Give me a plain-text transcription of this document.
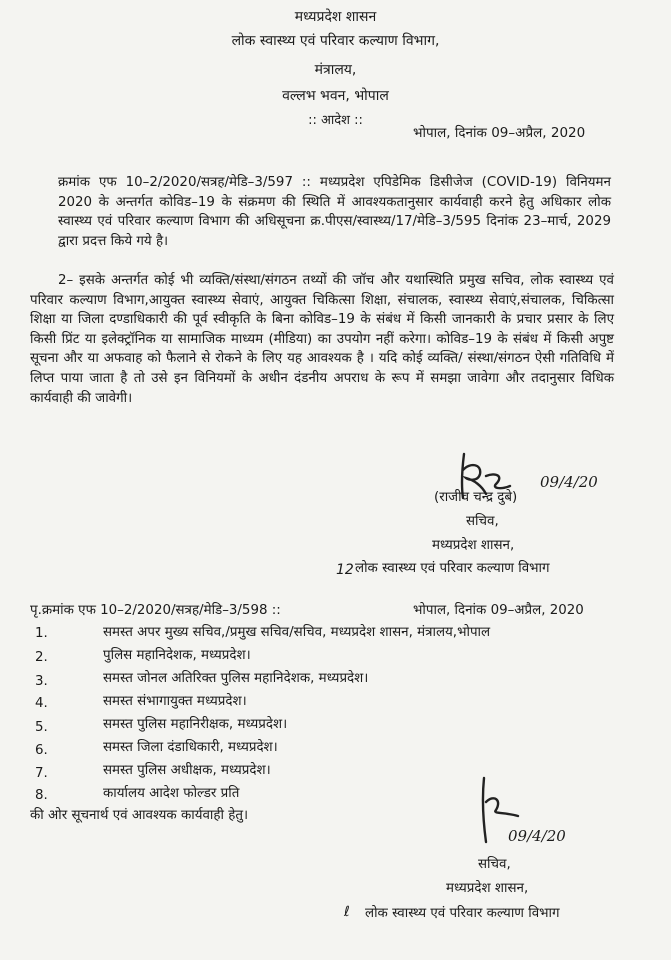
मध्यप्रदेश शासन
लोक स्वास्थ्य एवं परिवार कल्याण विभाग,
मंत्रालय,
वल्लभ भवन, भोपाल
:: आदेश ::
भोपाल, दिनांक 09–अप्रैल, 2020
क्रमांक एफ 10–2/2020/सत्रह/मेडि–3/597 :: मध्यप्रदेश एपिडेमिक डिसीजेज (COVID-19) विनियमन 2020 के अन्तर्गत कोविड–19 के संक्रमण की स्थिति में आवश्यकतानुसार कार्यवाही करने हेतु अधिकार लोक स्वास्थ्य एवं परिवार कल्याण विभाग की अधिसूचना क्र.पीएस/स्वास्थ्य/17/मेडि–3/595 दिनांक 23–मार्च, 2029 द्वारा प्रदत्त किये गये है।
2– इसके अन्तर्गत कोई भी व्यक्ति/संस्था/संगठन तथ्यों की जॉच और यथास्थिति प्रमुख सचिव, लोक स्वास्थ्य एवं परिवार कल्याण विभाग,आयुक्त स्वास्थ्य सेवाएं, आयुक्त चिकित्सा शिक्षा, संचालक, स्वास्थ्य सेवाएं,संचालक, चिकित्सा शिक्षा या जिला दण्डाधिकारी की पूर्व स्वीकृति के बिना कोविड–19 के संबंध में किसी जानकारी के प्रचार प्रसार के लिए किसी प्रिंट या इलेक्ट्रॉनिक या सामाजिक माध्यम (मीडिया) का उपयोग नहीं करेगा। कोविड–19 के संबंध में किसी अपुष्ट सूचना और या अफवाह को फैलाने से रोकने के लिए यह आवश्यक है । यदि कोई व्यक्ति/ संस्था/संगठन ऐसी गतिविधि में लिप्त पाया जाता है तो उसे इन विनियमों के अधीन दंडनीय अपराध के रूप में समझा जावेगा और तदानुसार विधिक कार्यवाही की जावेगी।
09/4/20
(राजीव चन्द्र दुबे)
सचिव,
मध्यप्रदेश शासन,
12 लोक स्वास्थ्य एवं परिवार कल्याण विभाग
पृ.क्रमांक एफ 10–2/2020/सत्रह/मेडि–3/598 ::	भोपाल, दिनांक 09–अप्रैल, 2020
1.	समस्त अपर मुख्य सचिव,/प्रमुख सचिव/सचिव, मध्यप्रदेश शासन, मंत्रालय,भोपाल
2.	पुलिस महानिदेशक, मध्यप्रदेश।
3.	समस्त जोनल अतिरिक्त पुलिस महानिदेशक, मध्यप्रदेश।
4.	समस्त संभागायुक्त मध्यप्रदेश।
5.	समस्त पुलिस महानिरीक्षक, मध्यप्रदेश।
6.	समस्त जिला दंडाधिकारी, मध्यप्रदेश।
7.	समस्त पुलिस अधीक्षक, मध्यप्रदेश।
8.	कार्यालय आदेश फोल्डर प्रति
की ओर सूचनार्थ एवं आवश्यक कार्यवाही हेतु।
09/4/20
सचिव,
मध्यप्रदेश शासन,
ℓ लोक स्वास्थ्य एवं परिवार कल्याण विभाग
